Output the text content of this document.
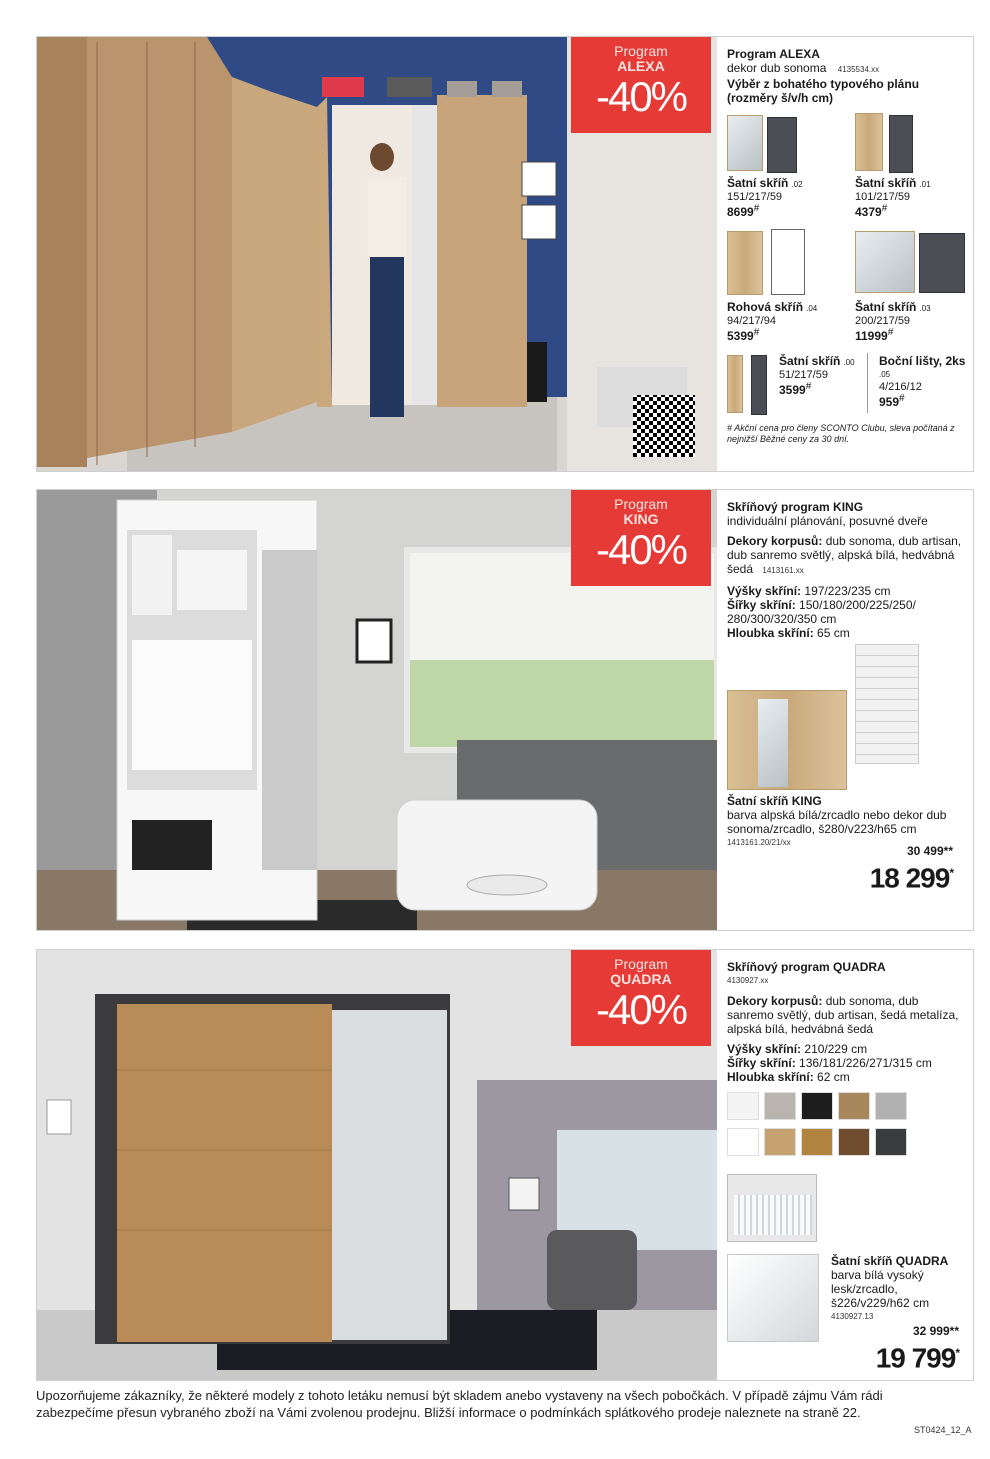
Program
ALEXA
-40%
Program ALEXA
dekor dub sonoma 4135534.xx
Výběr z bohatého typového plánu (rozměry š/v/h cm)
Šatní skříň .02
151/217/59
8699#
Šatní skříň .01
101/217/59
4379#
Rohová skříň .04
94/217/94
5399#
Šatní skříň .03
200/217/59
11999#
Šatní skříň .00
51/217/59
3599#
Boční lišty, 2ks .05
4/216/12
959#
# Akční cena pro členy SCONTO Clubu, sleva počítaná z nejnižší Běžné ceny za 30 dní.
Program
KING
-40%
Skříňový program KING
individuální plánování, posuvné dveře
Dekory korpusů: dub sonoma, dub artisan, dub sanremo světlý, alpská bílá, hedvábná šedá 1413161.xx
Výšky skříní: 197/223/235 cm
Šířky skříní: 150/180/200/225/250/ 280/300/320/350 cm
Hloubka skříní: 65 cm
Šatní skříň KING
barva alpská bílá/zrcadlo nebo dekor dub sonoma/zrcadlo, š280/v223/h65 cm
1413161.20/21/xx
30 499**
18 299*
Program
QUADRA
-40%
Skříňový program QUADRA
4130927.xx
Dekory korpusů: dub sonoma, dub sanremo světlý, dub artisan, šedá metalíza, alpská bílá, hedvábná šedá
Výšky skříní: 210/229 cm
Šířky skříní: 136/181/226/271/315 cm
Hloubka skříní: 62 cm
Šatní skříň QUADRA
barva bílá vysoký lesk/zrcadlo, š226/v229/h62 cm
4130927.13
32 999**
19 799*
Upozorňujeme zákazníky, že některé modely z tohoto letáku nemusí být skladem anebo vystaveny na všech pobočkách. V případě zájmu Vám rádi zabezpečíme přesun vybraného zboží na Vámi zvolenou prodejnu. Bližší informace o podmínkách splátkového prodeje naleznete na straně 22.
ST0424_12_A
